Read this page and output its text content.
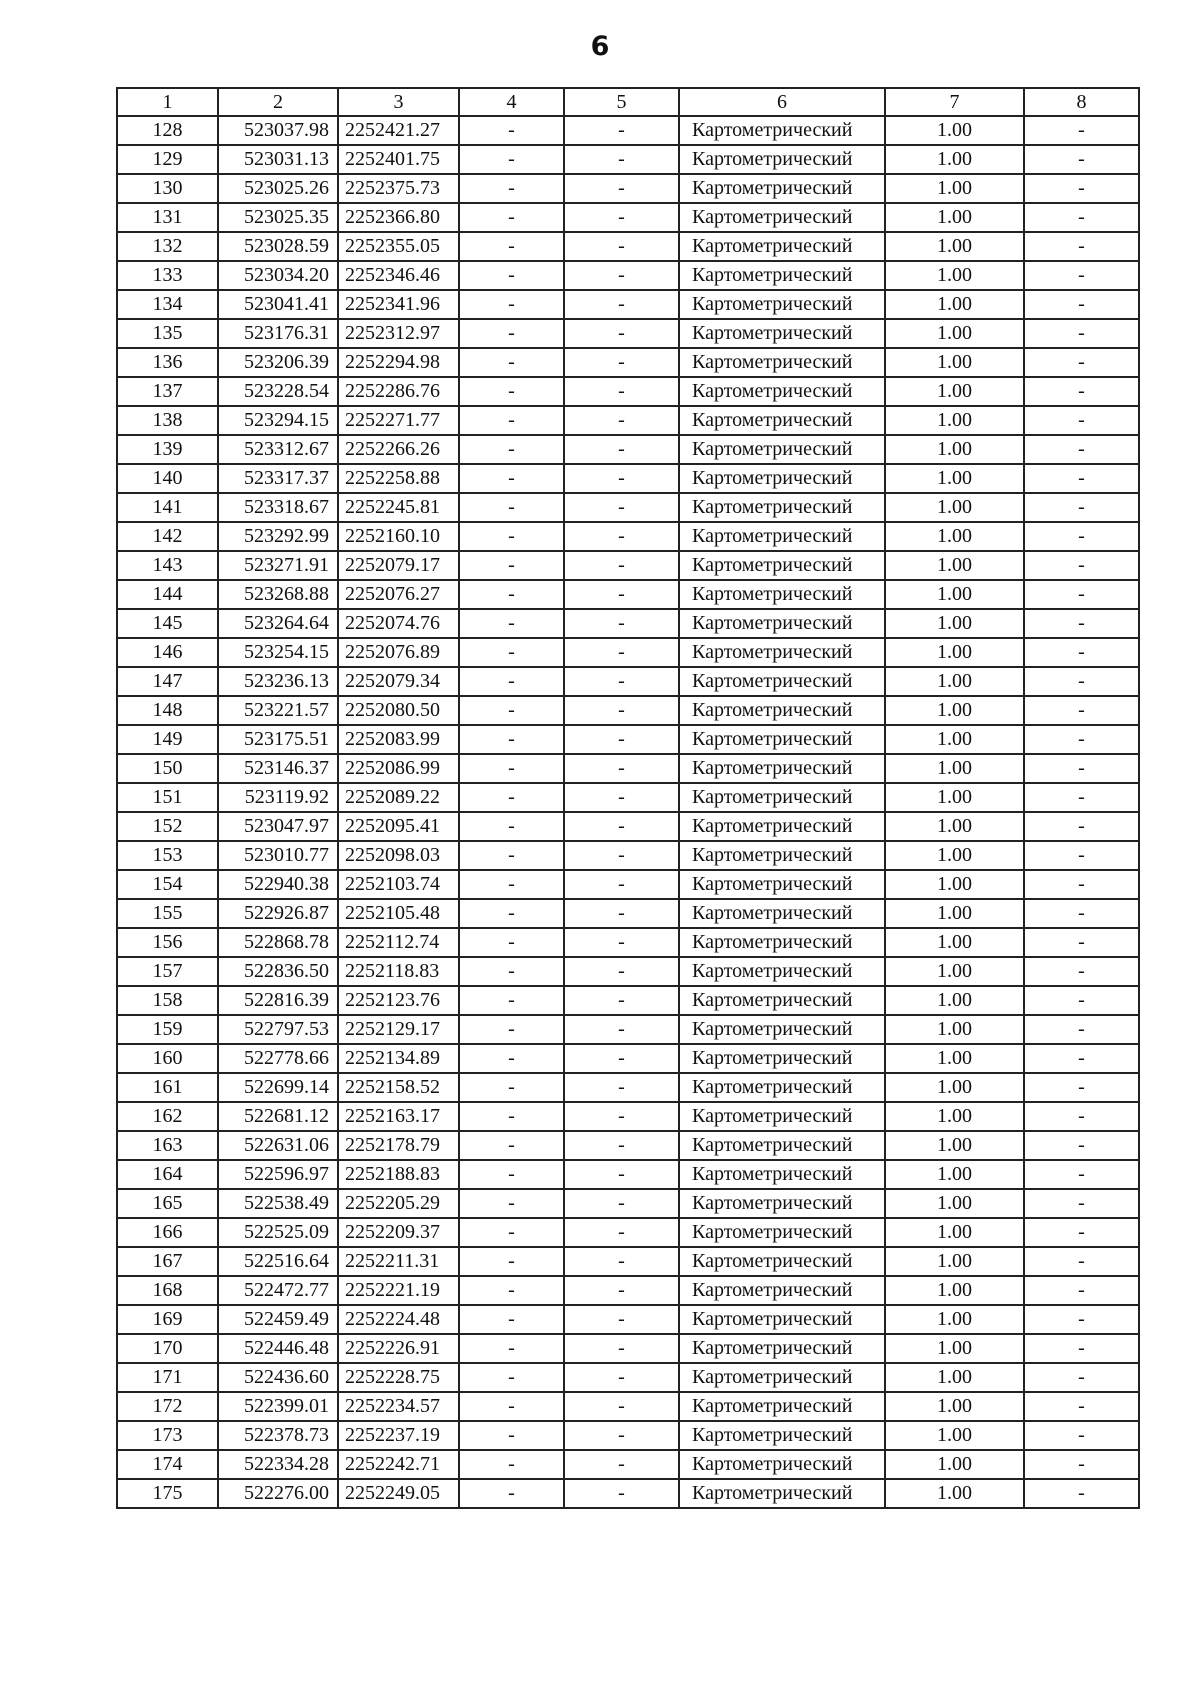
6
1	2	3	4	5	6	7	8
128	523037.98	2252421.27	-	-	Картометрический	1.00	-
129	523031.13	2252401.75	-	-	Картометрический	1.00	-
130	523025.26	2252375.73	-	-	Картометрический	1.00	-
131	523025.35	2252366.80	-	-	Картометрический	1.00	-
132	523028.59	2252355.05	-	-	Картометрический	1.00	-
133	523034.20	2252346.46	-	-	Картометрический	1.00	-
134	523041.41	2252341.96	-	-	Картометрический	1.00	-
135	523176.31	2252312.97	-	-	Картометрический	1.00	-
136	523206.39	2252294.98	-	-	Картометрический	1.00	-
137	523228.54	2252286.76	-	-	Картометрический	1.00	-
138	523294.15	2252271.77	-	-	Картометрический	1.00	-
139	523312.67	2252266.26	-	-	Картометрический	1.00	-
140	523317.37	2252258.88	-	-	Картометрический	1.00	-
141	523318.67	2252245.81	-	-	Картометрический	1.00	-
142	523292.99	2252160.10	-	-	Картометрический	1.00	-
143	523271.91	2252079.17	-	-	Картометрический	1.00	-
144	523268.88	2252076.27	-	-	Картометрический	1.00	-
145	523264.64	2252074.76	-	-	Картометрический	1.00	-
146	523254.15	2252076.89	-	-	Картометрический	1.00	-
147	523236.13	2252079.34	-	-	Картометрический	1.00	-
148	523221.57	2252080.50	-	-	Картометрический	1.00	-
149	523175.51	2252083.99	-	-	Картометрический	1.00	-
150	523146.37	2252086.99	-	-	Картометрический	1.00	-
151	523119.92	2252089.22	-	-	Картометрический	1.00	-
152	523047.97	2252095.41	-	-	Картометрический	1.00	-
153	523010.77	2252098.03	-	-	Картометрический	1.00	-
154	522940.38	2252103.74	-	-	Картометрический	1.00	-
155	522926.87	2252105.48	-	-	Картометрический	1.00	-
156	522868.78	2252112.74	-	-	Картометрический	1.00	-
157	522836.50	2252118.83	-	-	Картометрический	1.00	-
158	522816.39	2252123.76	-	-	Картометрический	1.00	-
159	522797.53	2252129.17	-	-	Картометрический	1.00	-
160	522778.66	2252134.89	-	-	Картометрический	1.00	-
161	522699.14	2252158.52	-	-	Картометрический	1.00	-
162	522681.12	2252163.17	-	-	Картометрический	1.00	-
163	522631.06	2252178.79	-	-	Картометрический	1.00	-
164	522596.97	2252188.83	-	-	Картометрический	1.00	-
165	522538.49	2252205.29	-	-	Картометрический	1.00	-
166	522525.09	2252209.37	-	-	Картометрический	1.00	-
167	522516.64	2252211.31	-	-	Картометрический	1.00	-
168	522472.77	2252221.19	-	-	Картометрический	1.00	-
169	522459.49	2252224.48	-	-	Картометрический	1.00	-
170	522446.48	2252226.91	-	-	Картометрический	1.00	-
171	522436.60	2252228.75	-	-	Картометрический	1.00	-
172	522399.01	2252234.57	-	-	Картометрический	1.00	-
173	522378.73	2252237.19	-	-	Картометрический	1.00	-
174	522334.28	2252242.71	-	-	Картометрический	1.00	-
175	522276.00	2252249.05	-	-	Картометрический	1.00	-
